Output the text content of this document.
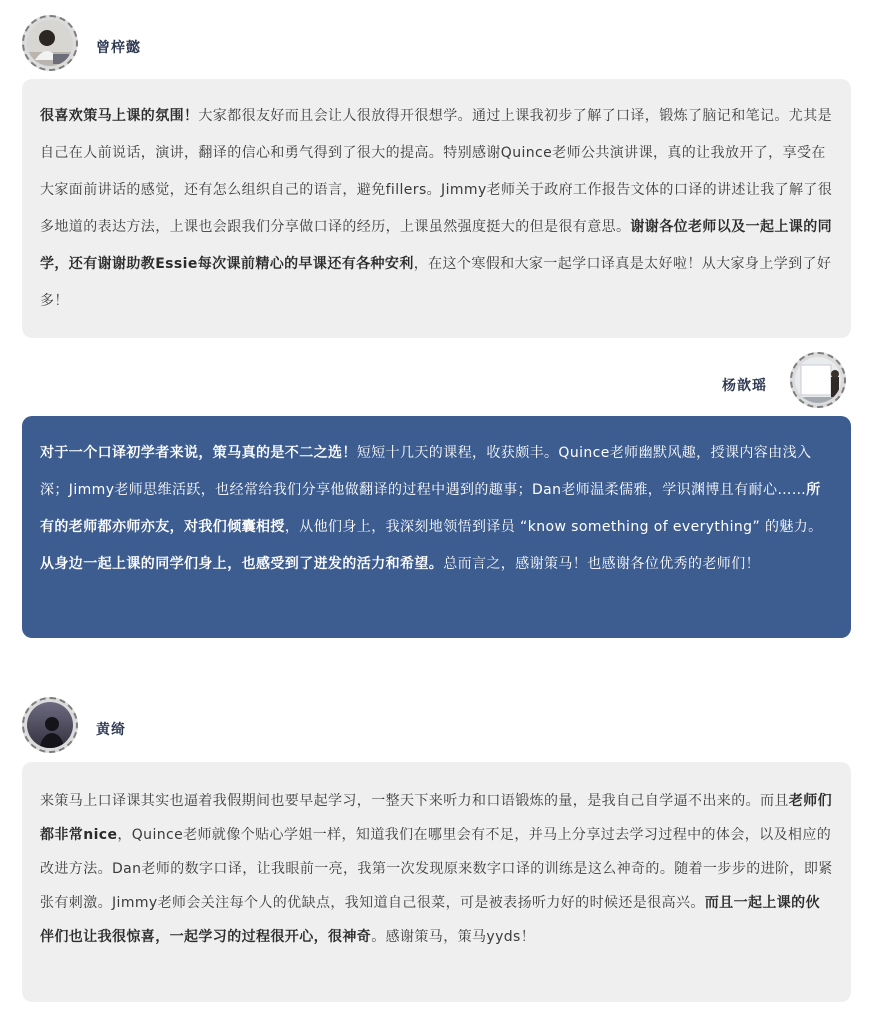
曾梓懿
很喜欢策马上课的氛围！大家都很友好而且会让人很放得开很想学。通过上课我初步了解了口译，锻炼了脑记和笔记。尤其是自己在人前说话，演讲，翻译的信心和勇气得到了很大的提高。特别感谢Quince老师公共演讲课，真的让我放开了，享受在大家面前讲话的感觉，还有怎么组织自己的语言，避免fillers。Jimmy老师关于政府工作报告文体的口译的讲述让我了解了很多地道的表达方法，上课也会跟我们分享做口译的经历，上课虽然强度挺大的但是很有意思。谢谢各位老师以及一起上课的同学，还有谢谢助教Essie每次课前精心的早课还有各种安利，在这个寒假和大家一起学口译真是太好啦！从大家身上学到了好多！
杨歆瑶
对于一个口译初学者来说，策马真的是不二之选！短短十几天的课程，收获颇丰。Quince老师幽默风趣，授课内容由浅入深；Jimmy老师思维活跃，也经常给我们分享他做翻译的过程中遇到的趣事；Dan老师温柔儒雅，学识渊博且有耐心……所有的老师都亦师亦友，对我们倾囊相授，从他们身上，我深刻地领悟到译员 “know something of everything” 的魅力。从身边一起上课的同学们身上，也感受到了迸发的活力和希望。总而言之，感谢策马！也感谢各位优秀的老师们！
黄绮
来策马上口译课其实也逼着我假期间也要早起学习，一整天下来听力和口语锻炼的量，是我自己自学逼不出来的。而且老师们都非常nice，Quince老师就像个贴心学姐一样，知道我们在哪里会有不足，并马上分享过去学习过程中的体会，以及相应的改进方法。Dan老师的数字口译，让我眼前一亮，我第一次发现原来数字口译的训练是这么神奇的。随着一步步的进阶，即紧张有刺激。Jimmy老师会关注每个人的优缺点，我知道自己很菜，可是被表扬听力好的时候还是很高兴。而且一起上课的伙伴们也让我很惊喜，一起学习的过程很开心，很神奇。感谢策马，策马yyds！
